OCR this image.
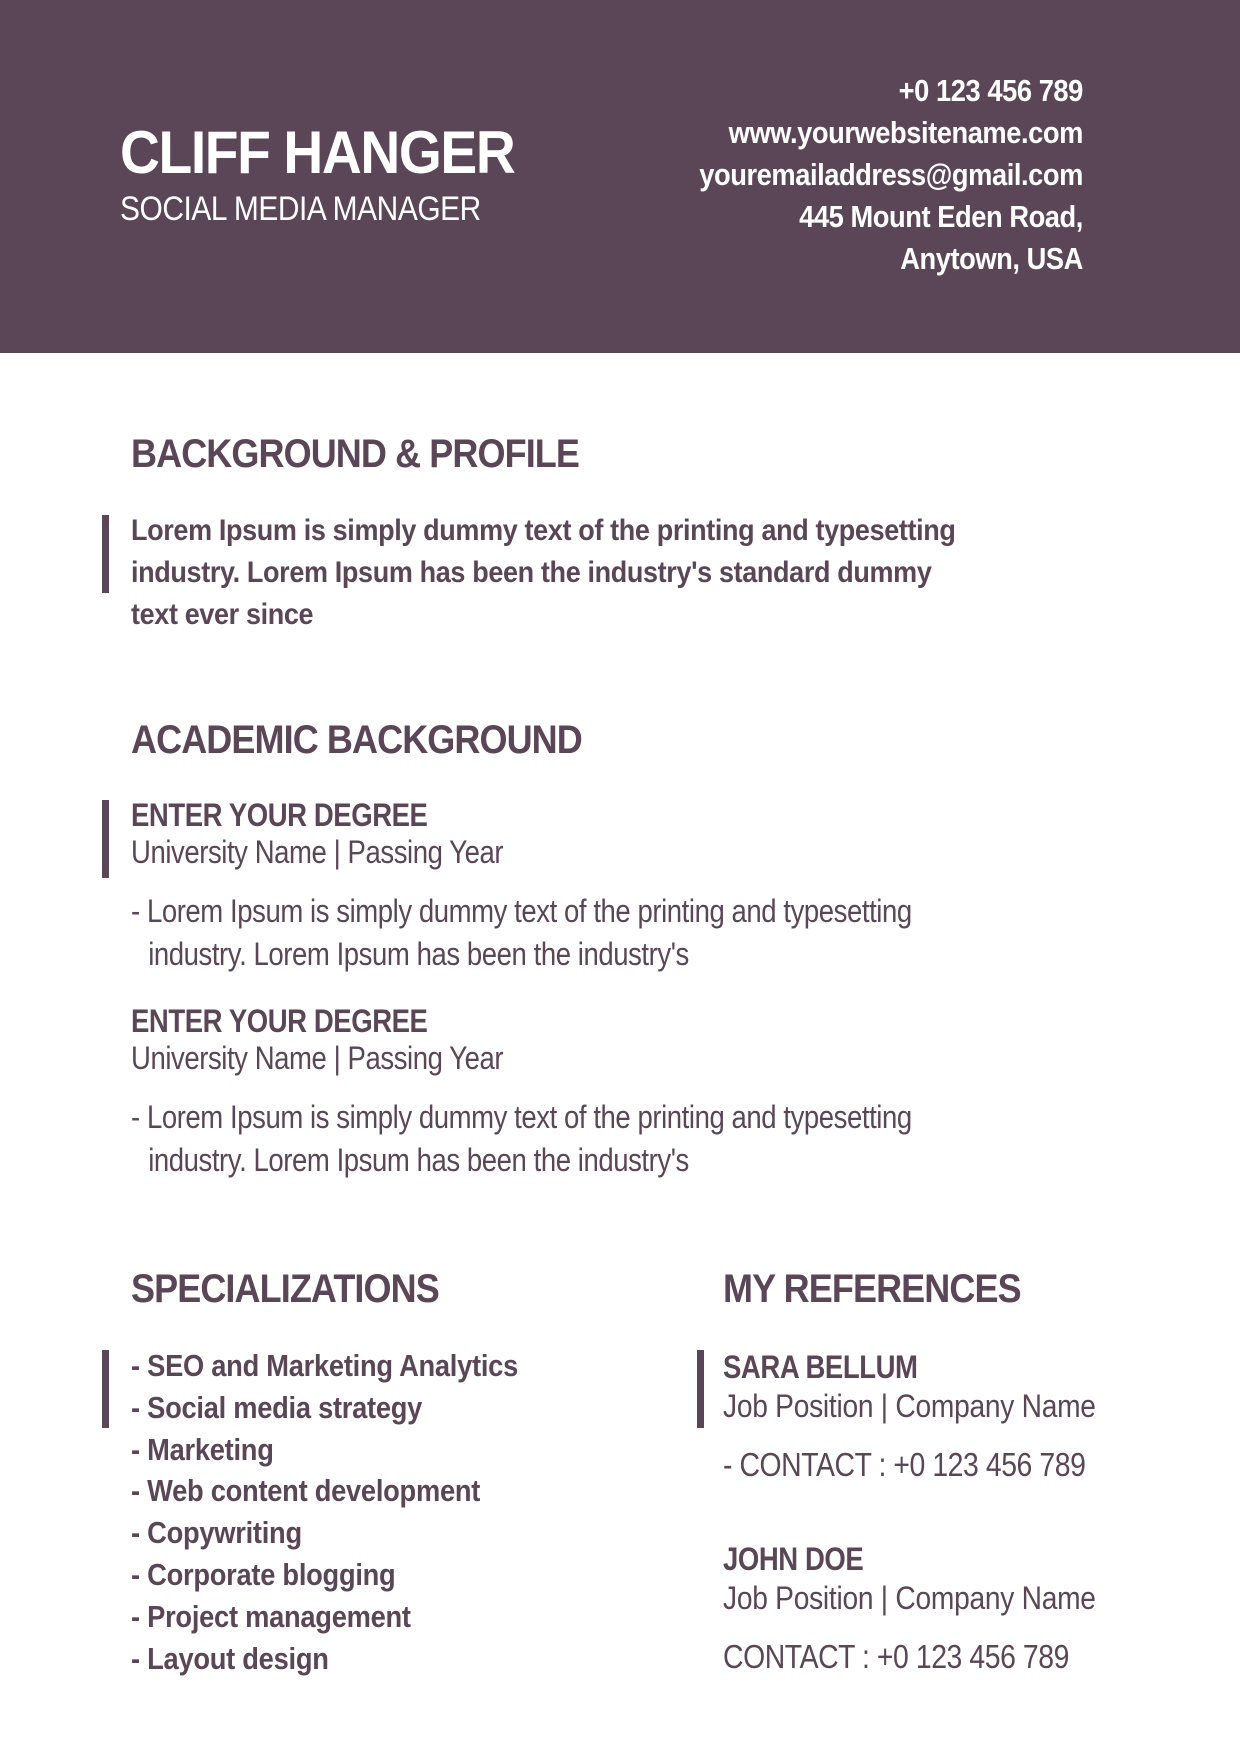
CLIFF HANGER
SOCIAL MEDIA MANAGER
+0 123 456 789
www.yourwebsitename.com
youremailaddress@gmail.com
445 Mount Eden Road,
Anytown, USA
BACKGROUND & PROFILE
Lorem Ipsum is simply dummy text of the printing and typesetting
industry. Lorem Ipsum has been the industry's standard dummy
text ever since
ACADEMIC BACKGROUND
ENTER YOUR DEGREE
University Name | Passing Year
- Lorem Ipsum is simply dummy text of the printing and typesetting
industry. Lorem Ipsum has been the industry's
ENTER YOUR DEGREE
University Name | Passing Year
- Lorem Ipsum is simply dummy text of the printing and typesetting
industry. Lorem Ipsum has been the industry's
SPECIALIZATIONS
- SEO and Marketing Analytics
- Social media strategy
- Marketing
- Web content development
- Copywriting
- Corporate blogging
- Project management
- Layout design
MY REFERENCES
SARA BELLUM
Job Position | Company Name
- CONTACT : +0 123 456 789
JOHN DOE
Job Position | Company Name
CONTACT : +0 123 456 789
